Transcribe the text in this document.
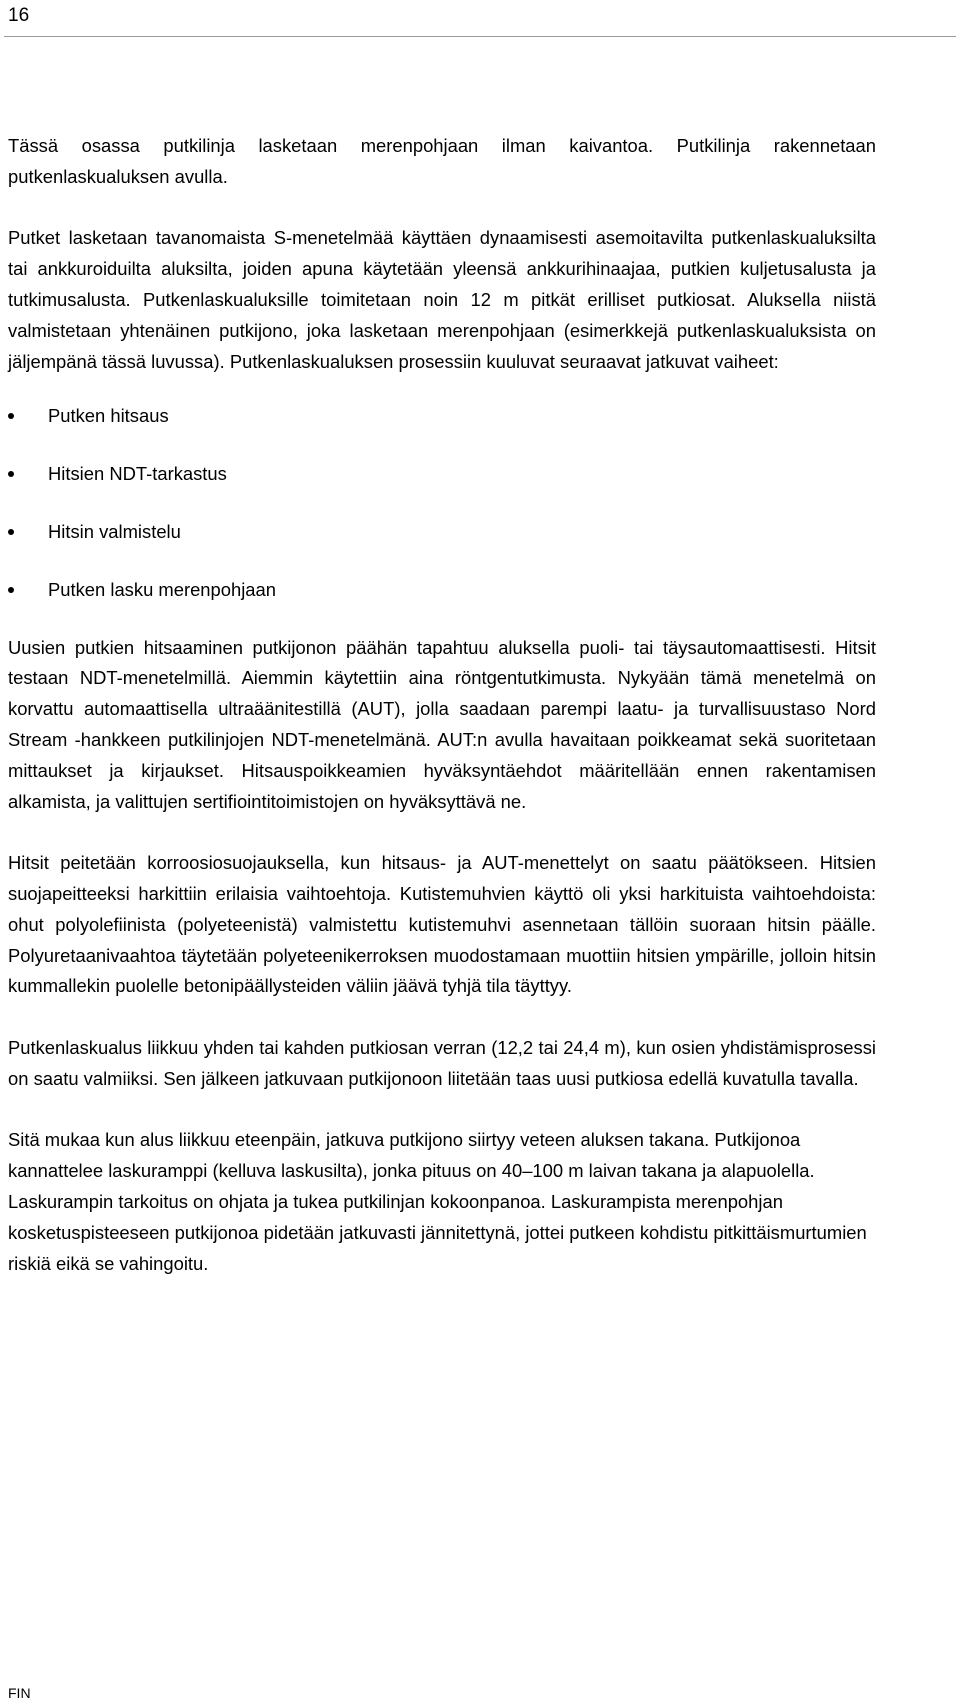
16

Tässä osassa putkilinja lasketaan merenpohjaan ilman kaivantoa. Putkilinja rakennetaan putkenlaskualuksen avulla.

Putket lasketaan tavanomaista S-menetelmää käyttäen dynaamisesti asemoitavilta putkenlaskualuksilta tai ankkuroiduilta aluksilta, joiden apuna käytetään yleensä ankkurihinaajaa, putkien kuljetusalusta ja tutkimusalusta. Putkenlaskualuksille toimitetaan noin 12 m pitkät erilliset putkiosat. Aluksella niistä valmistetaan yhtenäinen putkijono, joka lasketaan merenpohjaan (esimerkkejä putkenlaskualuksista on jäljempänä tässä luvussa). Putkenlaskualuksen prosessiin kuuluvat seuraavat jatkuvat vaiheet:

Putken hitsaus
Hitsien NDT-tarkastus
Hitsin valmistelu
Putken lasku merenpohjaan

Uusien putkien hitsaaminen putkijonon päähän tapahtuu aluksella puoli- tai täysautomaattisesti. Hitsit testaan NDT-menetelmillä. Aiemmin käytettiin aina röntgentutkimusta. Nykyään tämä menetelmä on korvattu automaattisella ultraäänitestillä (AUT), jolla saadaan parempi laatu- ja turvallisuustaso Nord Stream -hankkeen putkilinjojen NDT-menetelmänä. AUT:n avulla havaitaan poikkeamat sekä suoritetaan mittaukset ja kirjaukset. Hitsauspoikkeamien hyväksyntäehdot määritellään ennen rakentamisen alkamista, ja valittujen sertifiointitoimistojen on hyväksyttävä ne.

Hitsit peitetään korroosiosuojauksella, kun hitsaus- ja AUT-menettelyt on saatu päätökseen. Hitsien suojapeitteeksi harkittiin erilaisia vaihtoehtoja. Kutistemuhvien käyttö oli yksi harkituista vaihtoehdoista: ohut polyolefiinista (polyeteenistä) valmistettu kutistemuhvi asennetaan tällöin suoraan hitsin päälle. Polyuretaanivaahtoa täytetään polyeteenikerroksen muodostamaan muottiin hitsien ympärille, jolloin hitsin kummallekin puolelle betonipäällysteiden väliin jäävä tyhjä tila täyttyy.

Putkenlaskualus liikkuu yhden tai kahden putkiosan verran (12,2 tai 24,4 m), kun osien yhdistämisprosessi on saatu valmiiksi. Sen jälkeen jatkuvaan putkijonoon liitetään taas uusi putkiosa edellä kuvatulla tavalla.

Sitä mukaa kun alus liikkuu eteenpäin, jatkuva putkijono siirtyy veteen aluksen takana. Putkijonoa kannattelee laskuramppi (kelluva laskusilta), jonka pituus on 40–100 m laivan takana ja alapuolella. Laskurampin tarkoitus on ohjata ja tukea putkilinjan kokoonpanoa. Laskurampista merenpohjan kosketuspisteeseen putkijonoa pidetään jatkuvasti jännitettynä, jottei putkeen kohdistu pitkittäismurtumien riskiä eikä se vahingoitu.

FIN
